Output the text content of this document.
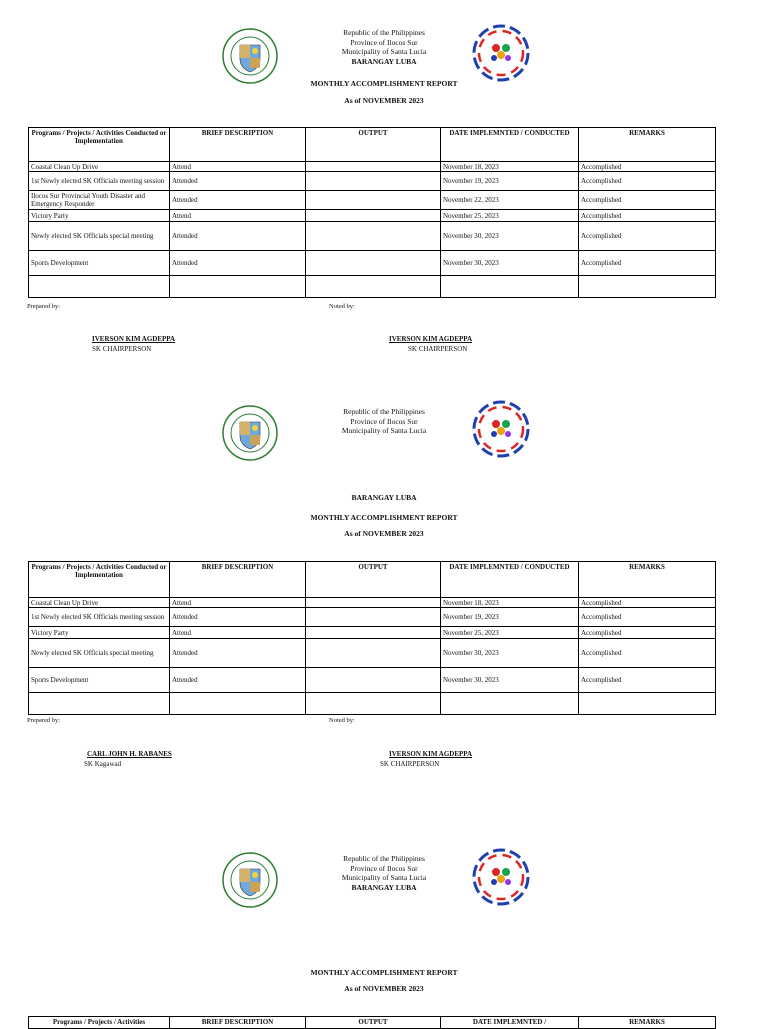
Republic of the Philippines
Province of Ilocos Sur
Municipality of Santa Lucia
BARANGAY LUBA
MONTHLY ACCOMPLISHMENT REPORT
As of NOVEMBER 2023
Programs / Projects / Activities Conducted or Implementation	BRIEF DESCRIPTION	OUTPUT	DATE IMPLEMNTED / CONDUCTED	REMARKS
Coastal Clean Up Drive	Attend		November 18, 2023	Accomplished
1st Newly elected SK Officials meeting session	Attended		November 19, 2023	Accomplished
Ilocos Sur Provincial Youth Disaster and Emergency Responder	Attended		November 22, 2023	Accomplished
Victory Party	Attend		November 25, 2023	Accomplished
Newly elected SK Officials special meeting	Attended		November 30, 2023	Accomplished
Sports Development	Attended		November 30, 2023	Accomplished

Prepared by:	Noted by:
IVERSON KIM AGDEPPA
SK CHAIRPERSON
IVERSON KIM AGDEPPA
SK CHAIRPERSON
Republic of the Philippines
Province of Ilocos Sur
Municipality of Santa Lucia
BARANGAY LUBA
MONTHLY ACCOMPLISHMENT REPORT
As of NOVEMBER 2023
Programs / Projects / Activities Conducted or Implementation	BRIEF DESCRIPTION	OUTPUT	DATE IMPLEMNTED / CONDUCTED	REMARKS
Coastal Clean Up Drive	Attend		November 18, 2023	Accomplished
1st Newly elected SK Officials meeting session	Attended		November 19, 2023	Accomplished
Victory Party	Attend		November 25, 2023	Accomplished
Newly elected SK Officials special meeting	Attended		November 30, 2023	Accomplished
Sports Development	Attended		November 30, 2023	Accomplished

Prepared by:	Noted by:
CARL JOHN H. RABANES
SK Kagawad
IVERSON KIM AGDEPPA
SK CHAIRPERSON
Republic of the Philippines
Province of Ilocos Sur
Municipality of Santa Lucia
BARANGAY LUBA
MONTHLY ACCOMPLISHMENT REPORT
As of NOVEMBER 2023
Programs / Projects / Activities	BRIEF DESCRIPTION	OUTPUT	DATE IMPLEMNTED /	REMARKS
